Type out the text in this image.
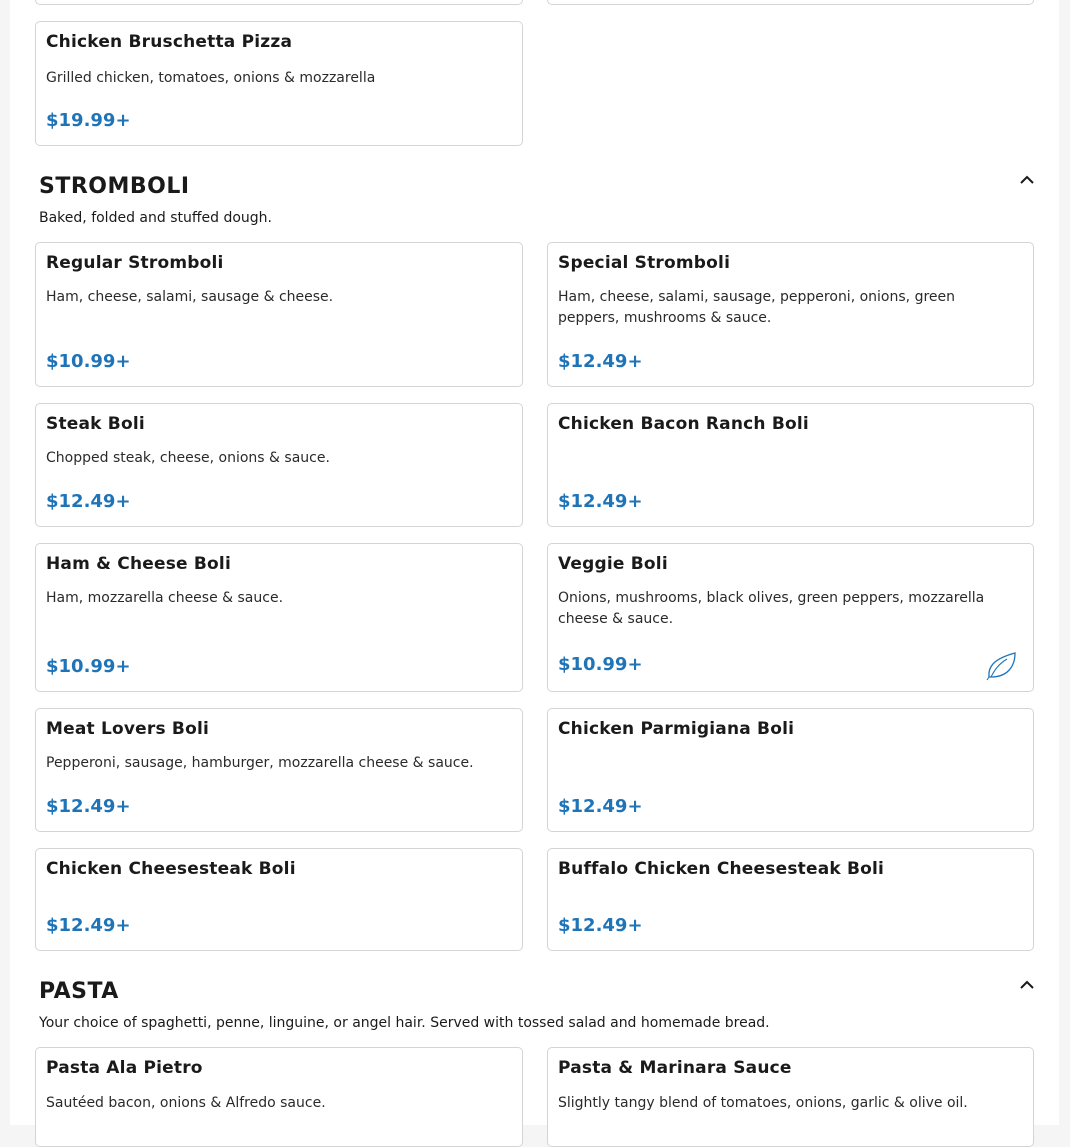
Chicken Bruschetta Pizza
Grilled chicken, tomatoes, onions & mozzarella
$19.99+
STROMBOLI
Baked, folded and stuffed dough.
Regular Stromboli
Ham, cheese, salami, sausage & cheese.
$10.99+
Special Stromboli
Ham, cheese, salami, sausage, pepperoni, onions, green peppers, mushrooms & sauce.
$12.49+
Steak Boli
Chopped steak, cheese, onions & sauce.
$12.49+
Chicken Bacon Ranch Boli
$12.49+
Ham & Cheese Boli
Ham, mozzarella cheese & sauce.
$10.99+
Veggie Boli
Onions, mushrooms, black olives, green peppers, mozzarella cheese & sauce.
$10.99+
Meat Lovers Boli
Pepperoni, sausage, hamburger, mozzarella cheese & sauce.
$12.49+
Chicken Parmigiana Boli
$12.49+
Chicken Cheesesteak Boli
$12.49+
Buffalo Chicken Cheesesteak Boli
$12.49+
PASTA
Your choice of spaghetti, penne, linguine, or angel hair. Served with tossed salad and homemade bread.
Pasta Ala Pietro
Sautéed bacon, onions & Alfredo sauce.
Pasta & Marinara Sauce
Slightly tangy blend of tomatoes, onions, garlic & olive oil.
